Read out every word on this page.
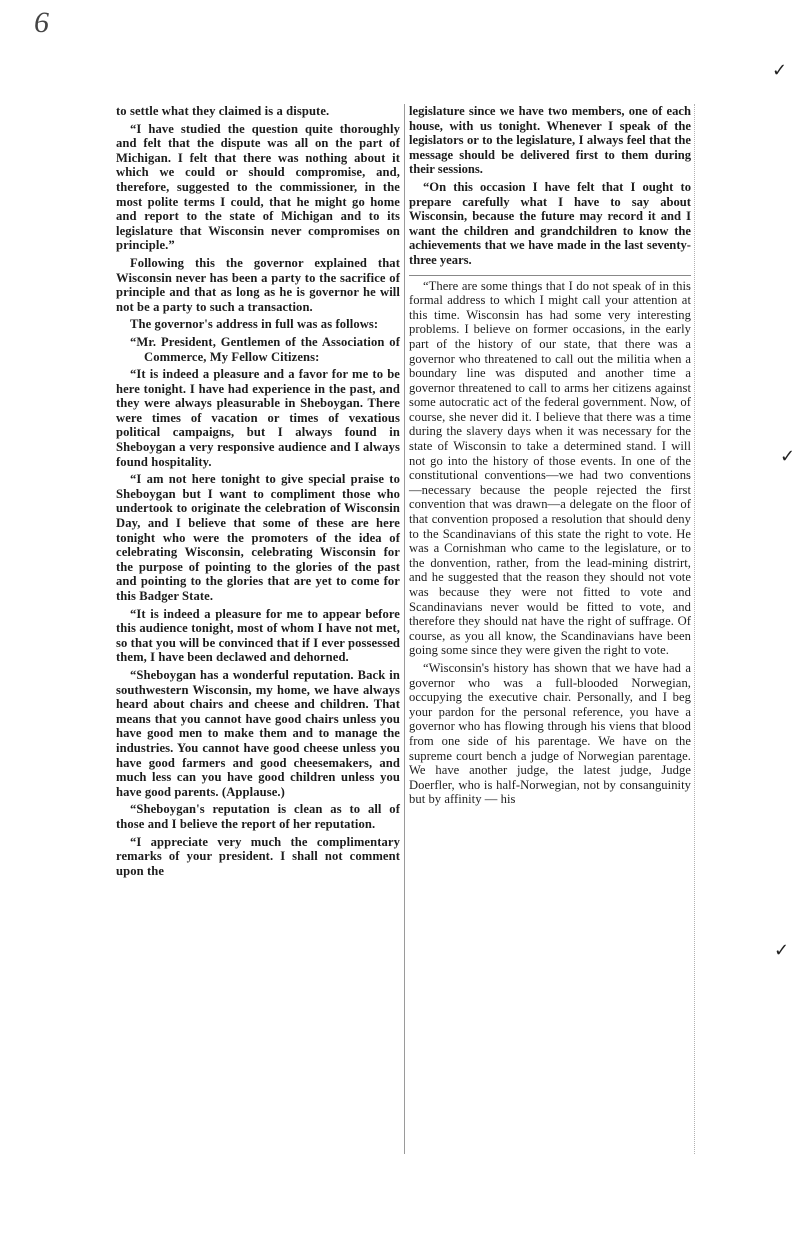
6
✓
✓
✓

to settle what they claimed is a dispute.

“I have studied the question quite thoroughly and felt that the dispute was all on the part of Michigan. I felt that there was nothing about it which we could or should compromise, and, therefore, suggested to the commissioner, in the most polite terms I could, that he might go home and report to the state of Michigan and to its legislature that Wisconsin never compromises on principle.”

Following this the governor explained that Wisconsin never has been a party to the sacrifice of principle and that as long as he is governor he will not be a party to such a transaction.

The governor's address in full was as follows:

“Mr. President, Gentlemen of the Association of Commerce, My Fellow Citizens:

“It is indeed a pleasure and a favor for me to be here tonight. I have had experience in the past, and they were always pleasurable in Sheboygan. There were times of vacation or times of vexatious political campaigns, but I always found in Sheboygan a very responsive audience and I always found hospitality.

“I am not here tonight to give special praise to Sheboygan but I want to compliment those who undertook to originate the celebration of Wisconsin Day, and I believe that some of these are here tonight who were the promoters of the idea of celebrating Wisconsin, celebrating Wisconsin for the purpose of pointing to the glories of the past and pointing to the glories that are yet to come for this Badger State.

“It is indeed a pleasure for me to appear before this audience tonight, most of whom I have not met, so that you will be convinced that if I ever possessed them, I have been declawed and dehorned.

“Sheboygan has a wonderful reputation. Back in southwestern Wisconsin, my home, we have always heard about chairs and cheese and children. That means that you cannot have good chairs unless you have good men to make them and to manage the industries. You cannot have good cheese unless you have good farmers and good cheesemakers, and much less can you have good children unless you have good parents. (Applause.)

“Sheboygan's reputation is clean as to all of those and I believe the report of her reputation.

“I appreciate very much the complimentary remarks of your president. I shall not comment upon the

legislature since we have two members, one of each house, with us tonight. Whenever I speak of the legislators or to the legislature, I always feel that the message should be delivered first to them during their sessions.

“On this occasion I have felt that I ought to prepare carefully what I have to say about Wisconsin, because the future may record it and I want the children and grandchildren to know the achievements that we have made in the last seventy-three years.

“There are some things that I do not speak of in this formal address to which I might call your attention at this time. Wisconsin has had some very interesting problems. I believe on former occasions, in the early part of the history of our state, that there was a governor who threatened to call out the militia when a boundary line was disputed and another time a governor threatened to call to arms her citizens against some autocratic act of the federal government. Now, of course, she never did it. I believe that there was a time during the slavery days when it was necessary for the state of Wisconsin to take a determined stand. I will not go into the history of those events. In one of the constitutional conventions—we had two conventions—necessary because the people rejected the first convention that was drawn—a delegate on the floor of that convention proposed a resolution that should deny to the Scandinavians of this state the right to vote. He was a Cornishman who came to the legislature, or to the donvention, rather, from the lead-mining distrirt, and he suggested that the reason they should not vote was because they were not fitted to vote and Scandinavians never would be fitted to vote, and therefore they should nat have the right of suffrage. Of course, as you all know, the Scandinavians have been going some since they were given the right to vote.

“Wisconsin's history has shown that we have had a governor who was a full-blooded Norwegian, occupying the executive chair. Personally, and I beg your pardon for the personal reference, you have a governor who has flowing through his viens that blood from one side of his parentage. We have on the supreme court bench a judge of Norwegian parentage. We have another judge, the latest judge, Judge Doerfler, who is half-Norwegian, not by consanguinity but by affinity — his
